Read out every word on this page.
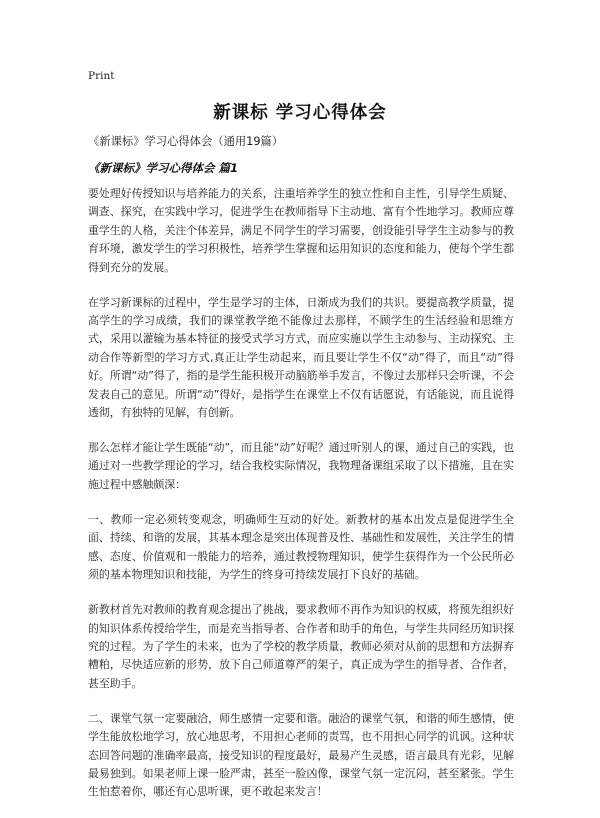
Print
新课标 学习心得体会
《新课标》学习心得体会（通用19篇）
《新课标》学习心得体会 篇1

要处理好传授知识与培养能力的关系，注重培养学生的独立性和自主性，引导学生质疑、调查、探究，在实践中学习，促进学生在教师指导下主动地、富有个性地学习。教师应尊重学生的人格，关注个体差异，满足不同学生的学习需要，创设能引导学生主动参与的教育环境，激发学生的学习积极性，培养学生掌握和运用知识的态度和能力，使每个学生都得到充分的发展。

在学习新课标的过程中，学生是学习的主体，日渐成为我们的共识。要提高教学质量，提高学生的学习成绩，我们的课堂教学绝不能像过去那样，不顾学生的生活经验和思维方式，采用以灌输为基本特征的接受式学习方式，而应实施以学生主动参与、主动探究、主动合作等新型的学习方式,真正让学生动起来，而且要让学生不仅“动”得了，而且“动”得好。所谓“动”得了，指的是学生能积极开动脑筋举手发言，不像过去那样只会听课，不会发表自己的意见。所谓“动”得好，是指学生在课堂上不仅有话愿说，有话能说，而且说得透彻，有独特的见解，有创新。

那么怎样才能让学生既能“动”，而且能“动”好呢？通过听别人的课，通过自己的实践，也通过对一些教学理论的学习，结合我校实际情况，我物理备课组采取了以下措施，且在实施过程中感触颇深：

一、教师一定必须转变观念，明确师生互动的好处。新教材的基本出发点是促进学生全面、持续、和谐的发展，其基本理念是突出体现普及性、基础性和发展性，关注学生的情感、态度、价值观和一般能力的培养，通过教授物理知识，使学生获得作为一个公民所必须的基本物理知识和技能，为学生的终身可持续发展打下良好的基础。

新教材首先对教师的教育观念提出了挑战，要求教师不再作为知识的权威，将预先组织好的知识体系传授给学生，而是充当指导者、合作者和助手的角色，与学生共同经历知识探究的过程。为了学生的未来，也为了学校的教学质量，教师必须对从前的思想和方法摒弃糟粕，尽快适应新的形势，放下自己师道尊严的架子，真正成为学生的指导者、合作者，甚至助手。

二、课堂气氛一定要融洽，师生感情一定要和谐。融洽的课堂气氛，和谐的师生感情，使学生能放松地学习，放心地思考，不用担心老师的责骂，也不用担心同学的讥讽。这种状态回答问题的准确率最高，接受知识的程度最好，最易产生灵感，语言最具有光彩，见解最易独到。如果老师上课一脸严肃，甚至一脸凶像，课堂气氛一定沉闷，甚至紧张。学生生怕惹着你，哪还有心思听课，更不敢起来发言！
